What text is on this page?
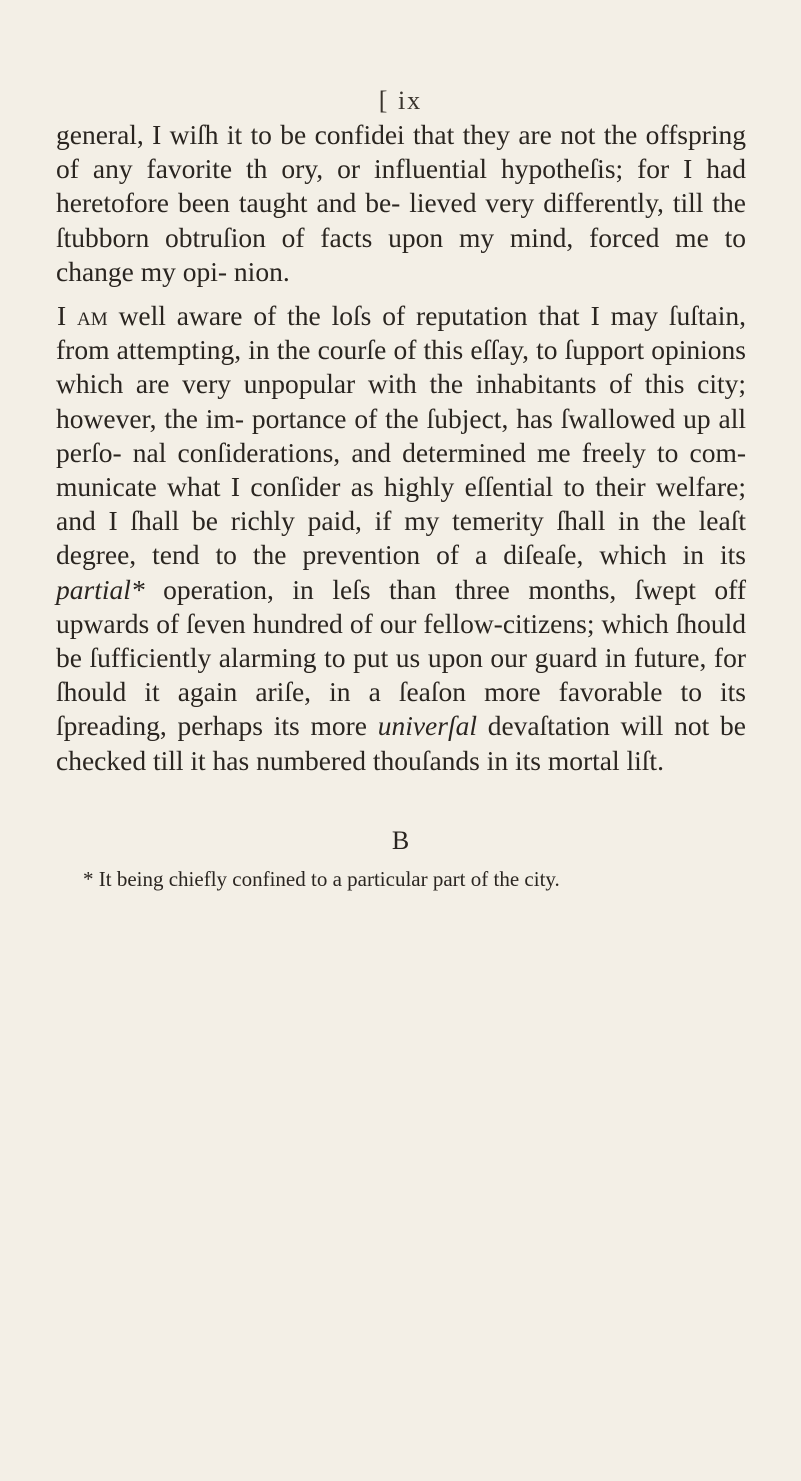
[ ix

general, I wiſh it to be confidei that they are not the offspring of any favorite th ory, or influential hypotheſis; for I had heretofore been taught and be- lieved very differently, till the ſtubborn obtruſion of facts upon my mind, forced me to change my opi- nion.

I am well aware of the loſs of reputation that I may ſuſtain, from attempting, in the courſe of this eſſay, to ſupport opinions which are very unpopular with the inhabitants of this city; however, the im- portance of the ſubject, has ſwallowed up all perſo- nal conſiderations, and determined me freely to com- municate what I conſider as highly eſſential to their welfare; and I ſhall be richly paid, if my temerity ſhall in the leaſt degree, tend to the prevention of a diſeaſe, which in its partial* operation, in leſs than three months, ſwept off upwards of ſeven hundred of our fellow-citizens; which ſhould be ſufficiently alarming to put us upon our guard in future, for ſhould it again ariſe, in a ſeaſon more favorable to its ſpreading, perhaps its more univerſal devaſtation will not be checked till it has numbered thouſands in its mortal liſt.

B
* It being chiefly confined to a particular part of the city.
